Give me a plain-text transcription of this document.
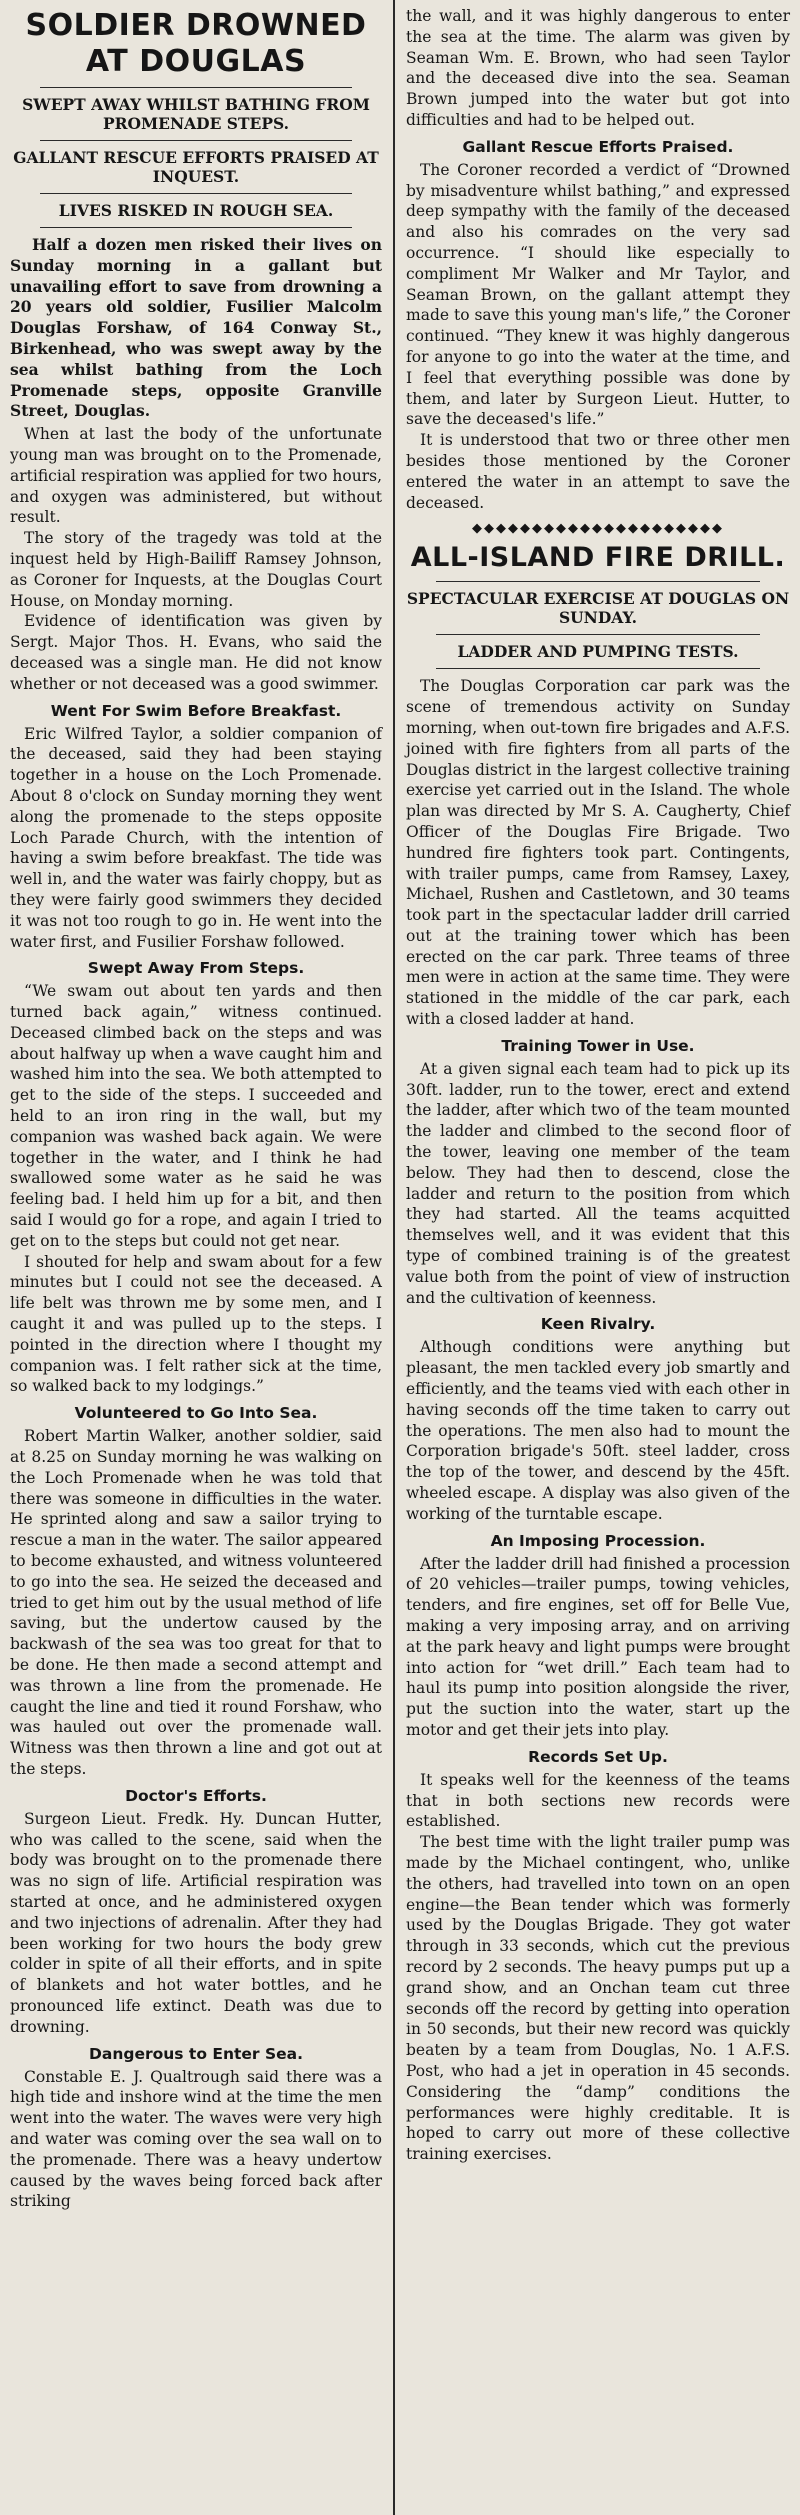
SOLDIER DROWNED AT DOUGLAS
SWEPT AWAY WHILST BATHING FROM PROMENADE STEPS.
GALLANT RESCUE EFFORTS PRAISED AT INQUEST.
LIVES RISKED IN ROUGH SEA.

Half a dozen men risked their lives on Sunday morning in a gallant but unavailing effort to save from drowning a 20 years old soldier, Fusilier Malcolm Douglas Forshaw, of 164 Conway St., Birkenhead, who was swept away by the sea whilst bathing from the Loch Promenade steps, opposite Granville Street, Douglas.

When at last the body of the unfortunate young man was brought on to the Promenade, artificial respiration was applied for two hours, and oxygen was administered, but without result.

The story of the tragedy was told at the inquest held by High-Bailiff Ramsey Johnson, as Coroner for Inquests, at the Douglas Court House, on Monday morning.

Evidence of identification was given by Sergt. Major Thos. H. Evans, who said the deceased was a single man. He did not know whether or not deceased was a good swimmer.

Went For Swim Before Breakfast.

Eric Wilfred Taylor, a soldier companion of the deceased, said they had been staying together in a house on the Loch Promenade. About 8 o'clock on Sunday morning they went along the promenade to the steps opposite Loch Parade Church, with the intention of having a swim before breakfast. The tide was well in, and the water was fairly choppy, but as they were fairly good swimmers they decided it was not too rough to go in. He went into the water first, and Fusilier Forshaw followed.

Swept Away From Steps.

“We swam out about ten yards and then turned back again,” witness continued. Deceased climbed back on the steps and was about halfway up when a wave caught him and washed him into the sea. We both attempted to get to the side of the steps. I succeeded and held to an iron ring in the wall, but my companion was washed back again. We were together in the water, and I think he had swallowed some water as he said he was feeling bad. I held him up for a bit, and then said I would go for a rope, and again I tried to get on to the steps but could not get near.

I shouted for help and swam about for a few minutes but I could not see the deceased. A life belt was thrown me by some men, and I caught it and was pulled up to the steps. I pointed in the direction where I thought my companion was. I felt rather sick at the time, so walked back to my lodgings.”

Volunteered to Go Into Sea.

Robert Martin Walker, another soldier, said at 8.25 on Sunday morning he was walking on the Loch Promenade when he was told that there was someone in difficulties in the water. He sprinted along and saw a sailor trying to rescue a man in the water. The sailor appeared to become exhausted, and witness volunteered to go into the sea. He seized the deceased and tried to get him out by the usual method of life saving, but the undertow caused by the backwash of the sea was too great for that to be done. He then made a second attempt and was thrown a line from the promenade. He caught the line and tied it round Forshaw, who was hauled out over the promenade wall. Witness was then thrown a line and got out at the steps.

Doctor's Efforts.

Surgeon Lieut. Fredk. Hy. Duncan Hutter, who was called to the scene, said when the body was brought on to the promenade there was no sign of life. Artificial respiration was started at once, and he administered oxygen and two injections of adrenalin. After they had been working for two hours the body grew colder in spite of all their efforts, and in spite of blankets and hot water bottles, and he pronounced life extinct. Death was due to drowning.

Dangerous to Enter Sea.

Constable E. J. Qualtrough said there was a high tide and inshore wind at the time the men went into the water. The waves were very high and water was coming over the sea wall on to the promenade. There was a heavy undertow caused by the waves being forced back after striking

the wall, and it was highly dangerous to enter the sea at the time. The alarm was given by Seaman Wm. E. Brown, who had seen Taylor and the deceased dive into the sea. Seaman Brown jumped into the water but got into difficulties and had to be helped out.

Gallant Rescue Efforts Praised.

The Coroner recorded a verdict of “Drowned by misadventure whilst bathing,” and expressed deep sympathy with the family of the deceased and also his comrades on the very sad occurrence. “I should like especially to compliment Mr Walker and Mr Taylor, and Seaman Brown, on the gallant attempt they made to save this young man's life,” the Coroner continued. “They knew it was highly dangerous for anyone to go into the water at the time, and I feel that everything possible was done by them, and later by Surgeon Lieut. Hutter, to save the deceased's life.”

It is understood that two or three other men besides those mentioned by the Coroner entered the water in an attempt to save the deceased.

◆◆◆◆◆◆◆◆◆◆◆◆◆◆◆◆◆◆◆◆◆
ALL-ISLAND FIRE DRILL.
SPECTACULAR EXERCISE AT DOUGLAS ON SUNDAY.
LADDER AND PUMPING TESTS.

The Douglas Corporation car park was the scene of tremendous activity on Sunday morning, when out-town fire brigades and A.F.S. joined with fire fighters from all parts of the Douglas district in the largest collective training exercise yet carried out in the Island. The whole plan was directed by Mr S. A. Caugherty, Chief Officer of the Douglas Fire Brigade. Two hundred fire fighters took part. Contingents, with trailer pumps, came from Ramsey, Laxey, Michael, Rushen and Castletown, and 30 teams took part in the spectacular ladder drill carried out at the training tower which has been erected on the car park. Three teams of three men were in action at the same time. They were stationed in the middle of the car park, each with a closed ladder at hand.

Training Tower in Use.

At a given signal each team had to pick up its 30ft. ladder, run to the tower, erect and extend the ladder, after which two of the team mounted the ladder and climbed to the second floor of the tower, leaving one member of the team below. They had then to descend, close the ladder and return to the position from which they had started. All the teams acquitted themselves well, and it was evident that this type of combined training is of the greatest value both from the point of view of instruction and the cultivation of keenness.

Keen Rivalry.

Although conditions were anything but pleasant, the men tackled every job smartly and efficiently, and the teams vied with each other in having seconds off the time taken to carry out the operations. The men also had to mount the Corporation brigade's 50ft. steel ladder, cross the top of the tower, and descend by the 45ft. wheeled escape. A display was also given of the working of the turntable escape.

An Imposing Procession.

After the ladder drill had finished a procession of 20 vehicles—trailer pumps, towing vehicles, tenders, and fire engines, set off for Belle Vue, making a very imposing array, and on arriving at the park heavy and light pumps were brought into action for “wet drill.” Each team had to haul its pump into position alongside the river, put the suction into the water, start up the motor and get their jets into play.

Records Set Up.

It speaks well for the keenness of the teams that in both sections new records were established.

The best time with the light trailer pump was made by the Michael contingent, who, unlike the others, had travelled into town on an open engine—the Bean tender which was formerly used by the Douglas Brigade. They got water through in 33 seconds, which cut the previous record by 2 seconds. The heavy pumps put up a grand show, and an Onchan team cut three seconds off the record by getting into operation in 50 seconds, but their new record was quickly beaten by a team from Douglas, No. 1 A.F.S. Post, who had a jet in operation in 45 seconds. Considering the “damp” conditions the performances were highly creditable. It is hoped to carry out more of these collective training exercises.
